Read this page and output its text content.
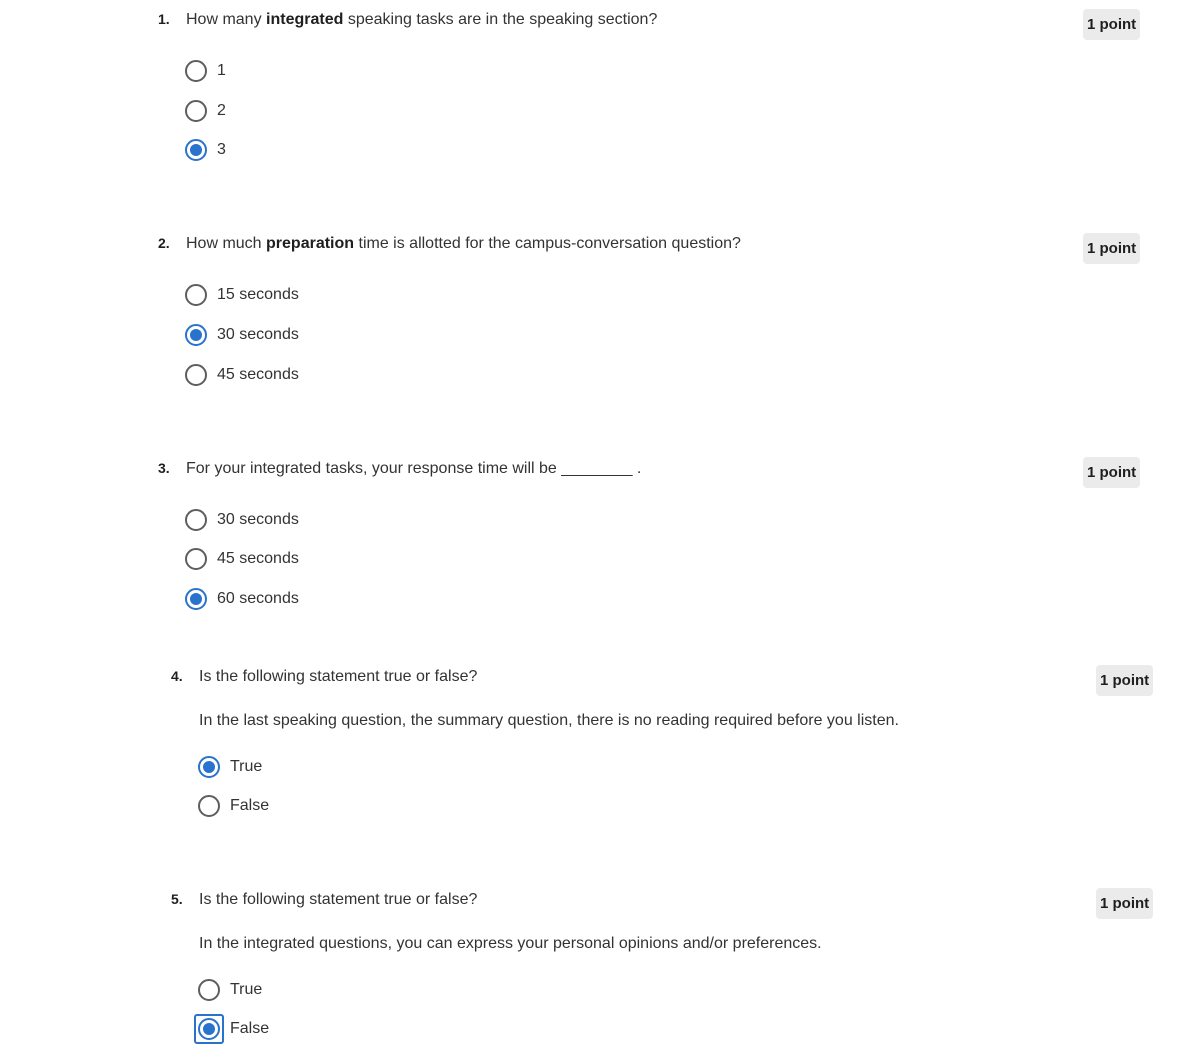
1. How many integrated speaking tasks are in the speaking section?	1 point
1
2
3
2. How much preparation time is allotted for the campus-conversation question?	1 point
15 seconds
30 seconds
45 seconds
3. For your integrated tasks, your response time will be ________ .	1 point
30 seconds
45 seconds
60 seconds
4. Is the following statement true or false?
In the last speaking question, the summary question, there is no reading required before you listen.
1 point
True
False
5. Is the following statement true or false?
In the integrated questions, you can express your personal opinions and/or preferences.
1 point
True
False
